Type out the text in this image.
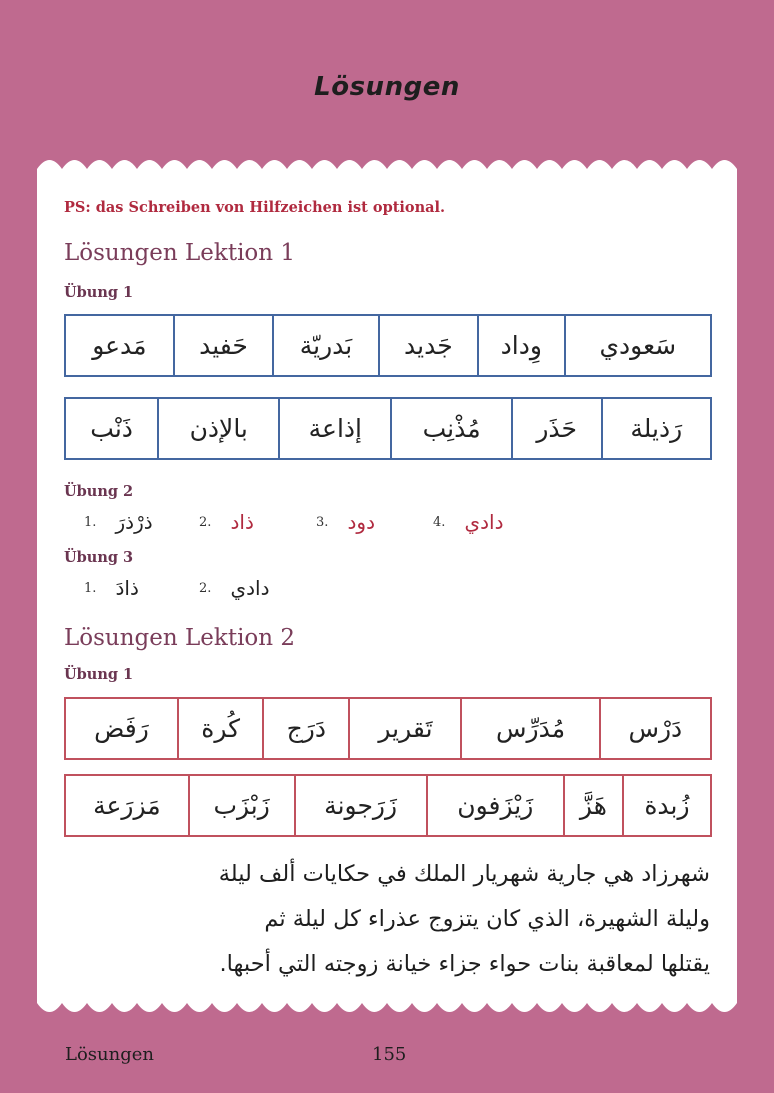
Lösungen
PS: das Schreiben von Hilfzeichen ist optional.
Lösungen Lektion 1
Übung 1
سَعودي	وِداد	جَديد	بَدريّة	حَفيد	مَدعو
رَذيلة	حَذَر	مُذْنِب	إذاعة	بالإذن	ذَنْب
Übung 2
1. ذرْذرَ	2. ذاد	3. دود	4. دادي
Übung 3
1. ذادَ	2. دادي
Lösungen Lektion 2
Übung 1
دَرْس	مُدَرِّس	تَقرير	دَرَج	كُرة	رَفَض
زُبدة	هَزَّ	زَيْزَفون	زَرَجونة	زَبْزَب	مَزرَعة
شهرزاد هي جارية شهريار الملك في حكايات ألف ليلة
وليلة الشهيرة، الذي كان يتزوج عذراء كل ليلة ثم
يقتلها لمعاقبة بنات حواء جزاء خيانة زوجته التي أحبها.
Lösungen	155
